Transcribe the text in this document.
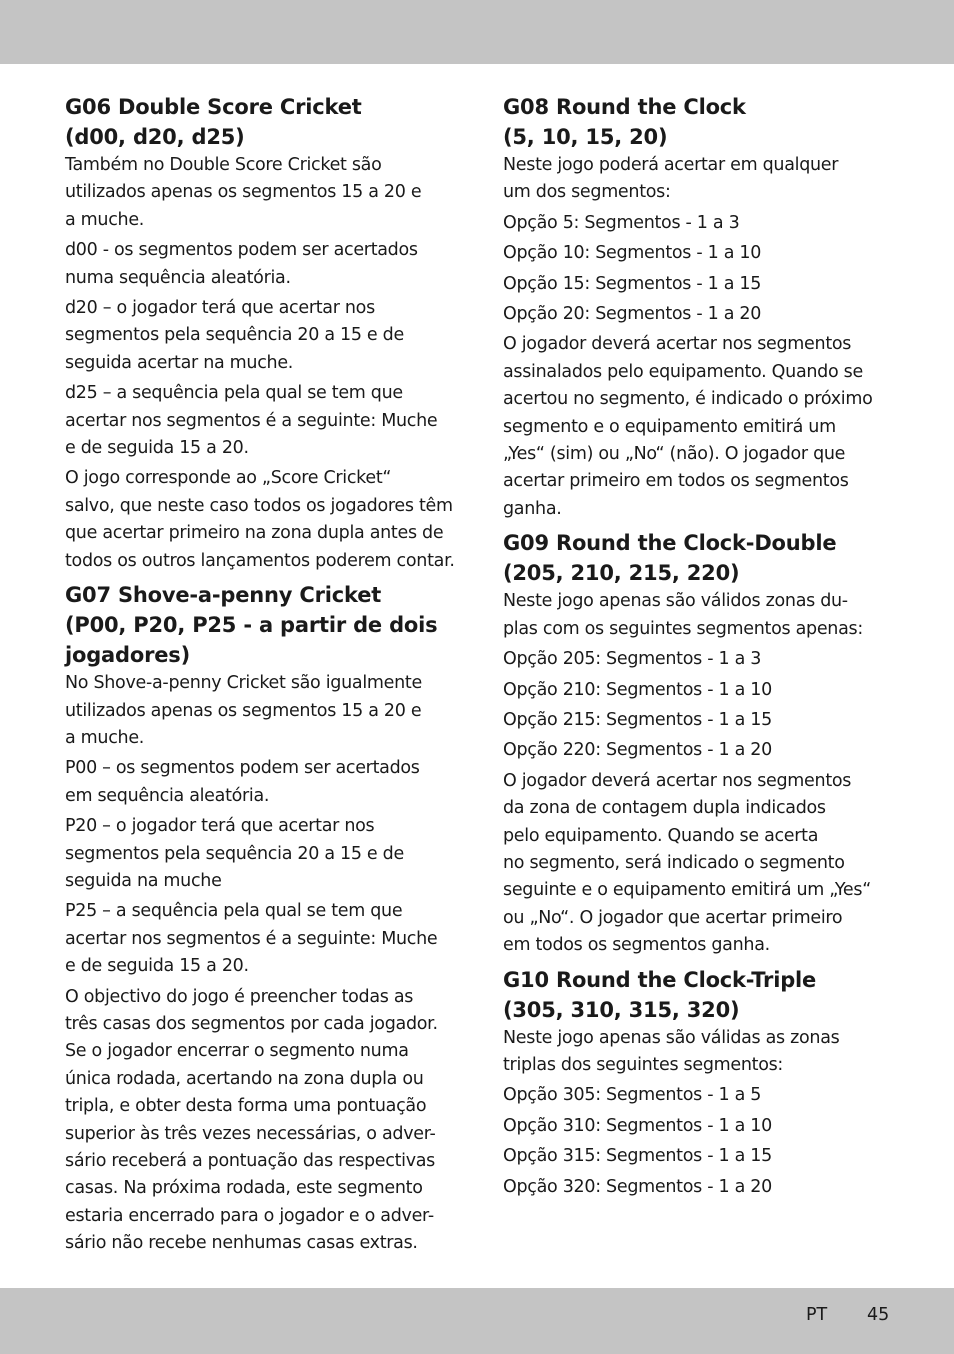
G06 Double Score Cricket
(d00, d20, d25)

Também no Double Score Cricket são
utilizados apenas os segmentos 15 a 20 e
a muche.

d00 - os segmentos podem ser acertados
numa sequência aleatória.

d20 – o jogador terá que acertar nos
segmentos pela sequência 20 a 15 e de
seguida acertar na muche.

d25 – a sequência pela qual se tem que
acertar nos segmentos é a seguinte: Muche
e de seguida 15 a 20.

O jogo corresponde ao „Score Cricket“
salvo, que neste caso todos os jogadores têm
que acertar primeiro na zona dupla antes de
todos os outros lançamentos poderem contar.

G07 Shove-a-penny Cricket
(P00, P20, P25 - a partir de dois
jogadores)

No Shove-a-penny Cricket são igualmente
utilizados apenas os segmentos 15 a 20 e
a muche.

P00 – os segmentos podem ser acertados
em sequência aleatória.

P20 – o jogador terá que acertar nos
segmentos pela sequência 20 a 15 e de
seguida na muche

P25 – a sequência pela qual se tem que
acertar nos segmentos é a seguinte: Muche
e de seguida 15 a 20.

O objectivo do jogo é preencher todas as
três casas dos segmentos por cada jogador.
Se o jogador encerrar o segmento numa
única rodada, acertando na zona dupla ou
tripla, e obter desta forma uma pontuação
superior às três vezes necessárias, o adver-
sário receberá a pontuação das respectivas
casas. Na próxima rodada, este segmento
estaria encerrado para o jogador e o adver-
sário não recebe nenhumas casas extras.

G08 Round the Clock
(5, 10, 15, 20)

Neste jogo poderá acertar em qualquer
um dos segmentos:

Opção 5: Segmentos - 1 a 3

Opção 10: Segmentos - 1 a 10

Opção 15: Segmentos - 1 a 15

Opção 20: Segmentos - 1 a 20

O jogador deverá acertar nos segmentos
assinalados pelo equipamento. Quando se
acertou no segmento, é indicado o próximo
segmento e o equipamento emitirá um
„Yes“ (sim) ou „No“ (não). O jogador que
acertar primeiro em todos os segmentos
ganha.

G09 Round the Clock-Double
(205, 210, 215, 220)

Neste jogo apenas são válidos zonas du-
plas com os seguintes segmentos apenas:

Opção 205: Segmentos - 1 a 3

Opção 210: Segmentos - 1 a 10

Opção 215: Segmentos - 1 a 15

Opção 220: Segmentos - 1 a 20

O jogador deverá acertar nos segmentos
da zona de contagem dupla indicados
pelo equipamento. Quando se acerta
no segmento, será indicado o segmento
seguinte e o equipamento emitirá um „Yes“
ou „No“. O jogador que acertar primeiro
em todos os segmentos ganha.

G10 Round the Clock-Triple
(305, 310, 315, 320)

Neste jogo apenas são válidas as zonas
triplas dos seguintes segmentos:

Opção 305: Segmentos - 1 a 5

Opção 310: Segmentos - 1 a 10

Opção 315: Segmentos - 1 a 15

Opção 320: Segmentos - 1 a 20

PT 45
